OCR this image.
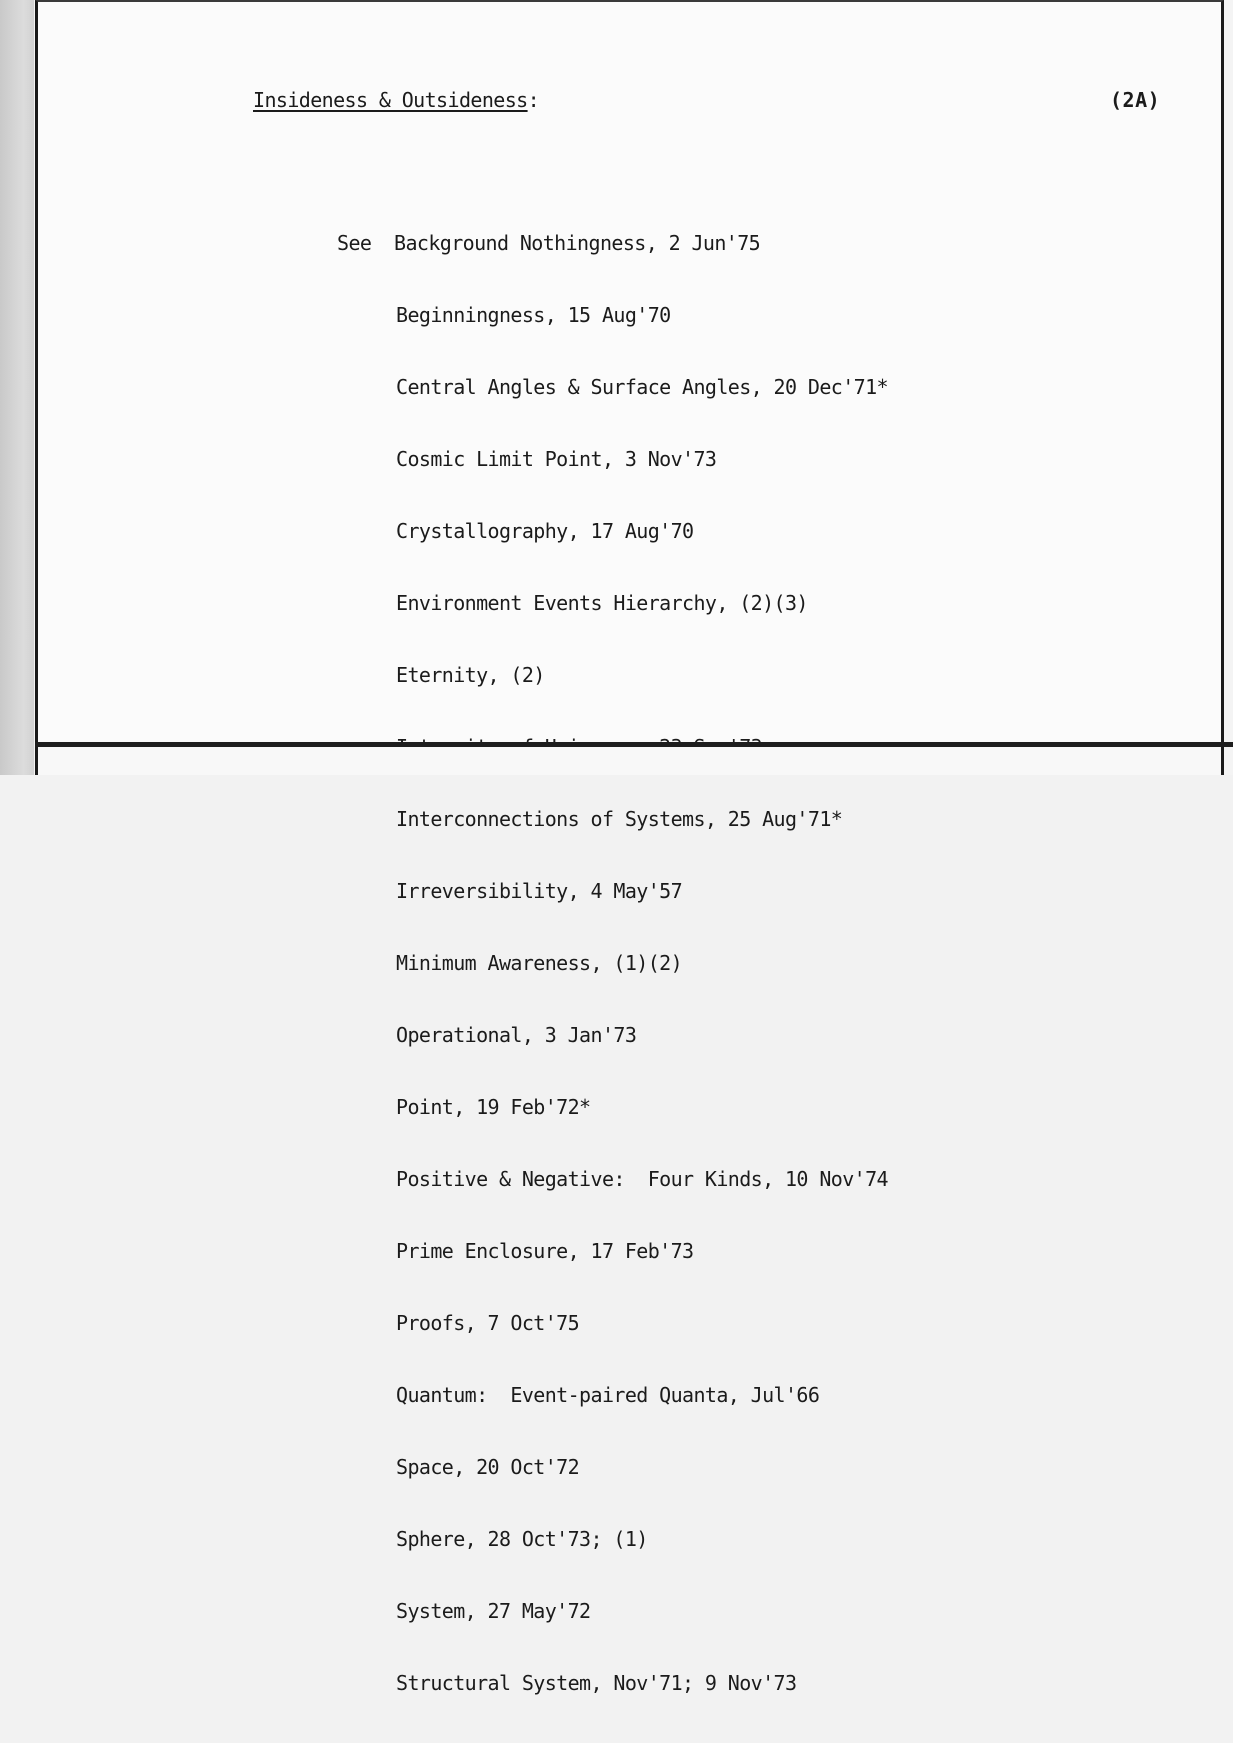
Insideness & Outsideness:	(2A)

See Background Nothingness, 2 Jun'75

Beginningness, 15 Aug'70

Central Angles & Surface Angles, 20 Dec'71*

Cosmic Limit Point, 3 Nov'73

Crystallography, 17 Aug'70

Environment Events Hierarchy, (2)(3)

Eternity, (2)

Interconnections of Systems, 25 Aug'71*

Irreversibility, 4 May'57

Minimum Awareness, (1)(2)

Operational, 3 Jan'73

Point, 19 Feb'72*

Positive & Negative:  Four Kinds, 10 Nov'74

Prime Enclosure, 17 Feb'73

Proofs, 7 Oct'75

Quantum:  Event-paired Quanta, Jul'66

Space, 20 Oct'72

Sphere, 28 Oct'73; (1)

System, 27 May'72

Structural System, Nov'71; 9 Nov'73
